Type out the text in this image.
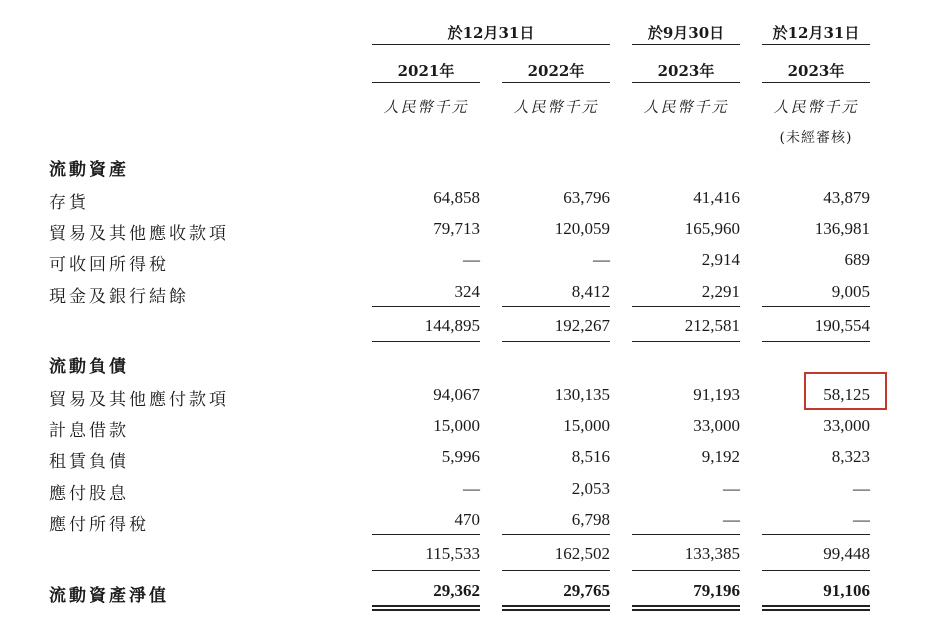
於12月31日	於9月30日	於12月31日
2021年	2022年	2023年	2023年
人民幣千元	人民幣千元	人民幣千元	人民幣千元
(未經審核)
流動資產
存貨	64,858	63,796	41,416	43,879
貿易及其他應收款項	79,713	120,059	165,960	136,981
可收回所得稅	—	—	2,914	689
現金及銀行結餘	324	8,412	2,291	9,005
144,895	192,267	212,581	190,554
流動負債
貿易及其他應付款項	94,067	130,135	91,193	58,125
計息借款	15,000	15,000	33,000	33,000
租賃負債	5,996	8,516	9,192	8,323
應付股息	—	2,053	—	—
應付所得稅	470	6,798	—	—
115,533	162,502	133,385	99,448
流動資產淨值	29,362	29,765	79,196	91,106
